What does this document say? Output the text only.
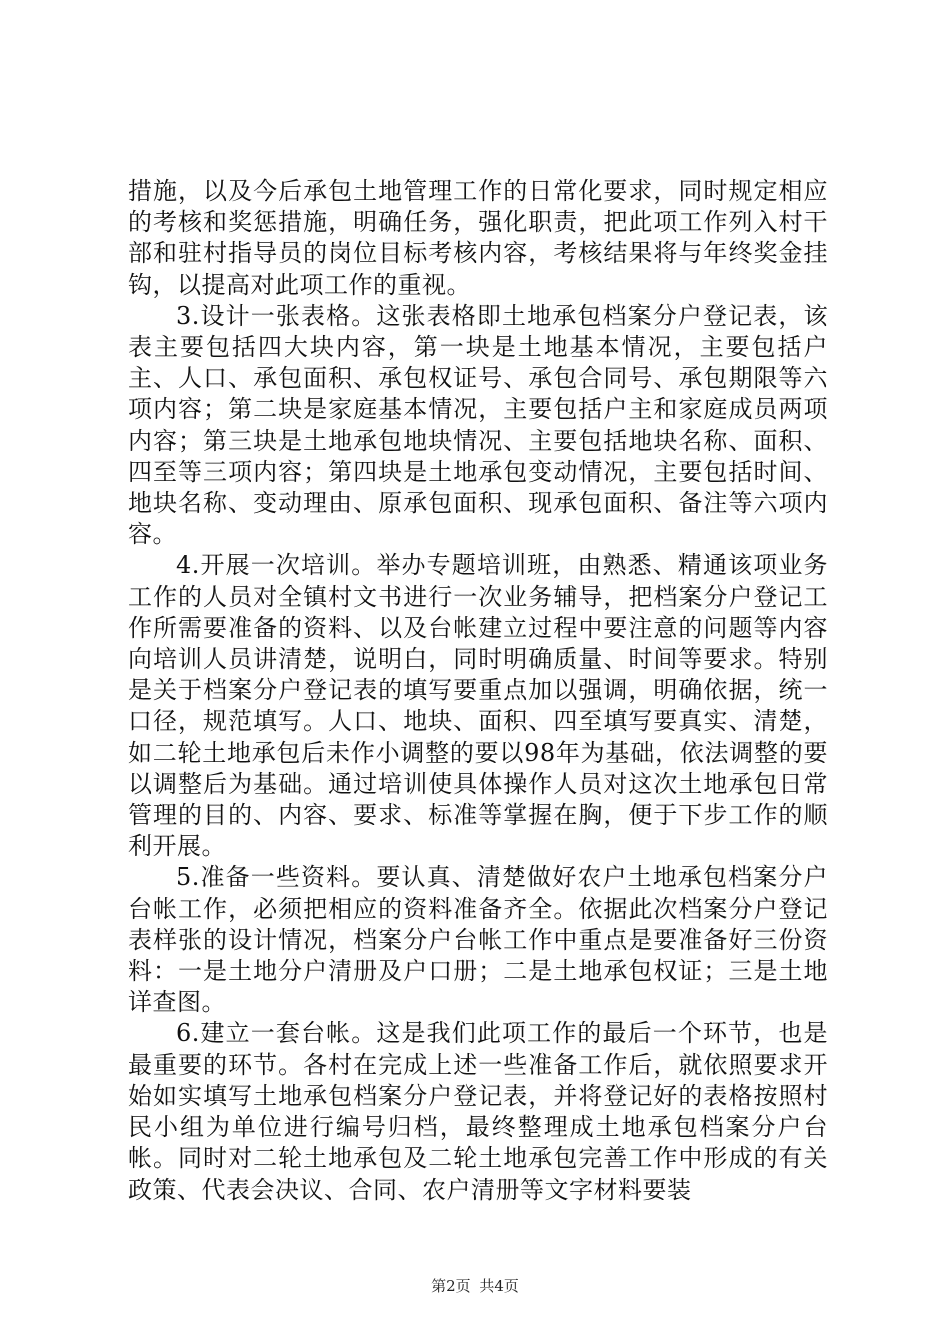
措施，以及今后承包土地管理工作的日常化要求，同时规定相应的考核和奖惩措施，明确任务，强化职责，把此项工作列入村干部和驻村指导员的岗位目标考核内容，考核结果将与年终奖金挂钩，以提高对此项工作的重视。

3.设计一张表格。这张表格即土地承包档案分户登记表，该表主要包括四大块内容，第一块是土地基本情况，主要包括户主、人口、承包面积、承包权证号、承包合同号、承包期限等六项内容；第二块是家庭基本情况，主要包括户主和家庭成员两项内容；第三块是土地承包地块情况、主要包括地块名称、面积、四至等三项内容；第四块是土地承包变动情况，主要包括时间、地块名称、变动理由、原承包面积、现承包面积、备注等六项内容。

4.开展一次培训。举办专题培训班，由熟悉、精通该项业务工作的人员对全镇村文书进行一次业务辅导，把档案分户登记工作所需要准备的资料、以及台帐建立过程中要注意的问题等内容向培训人员讲清楚，说明白，同时明确质量、时间等要求。特别是关于档案分户登记表的填写要重点加以强调，明确依据，统一口径，规范填写。人口、地块、面积、四至填写要真实、清楚，如二轮土地承包后未作小调整的要以98年为基础，依法调整的要以调整后为基础。通过培训使具体操作人员对这次土地承包日常管理的目的、内容、要求、标准等掌握在胸，便于下步工作的顺利开展。

5.准备一些资料。要认真、清楚做好农户土地承包档案分户台帐工作，必须把相应的资料准备齐全。依据此次档案分户登记表样张的设计情况，档案分户台帐工作中重点是要准备好三份资料：一是土地分户清册及户口册；二是土地承包权证；三是土地详查图。

6.建立一套台帐。这是我们此项工作的最后一个环节，也是最重要的环节。各村在完成上述一些准备工作后，就依照要求开始如实填写土地承包档案分户登记表，并将登记好的表格按照村民小组为单位进行编号归档，最终整理成土地承包档案分户台帐。同时对二轮土地承包及二轮土地承包完善工作中形成的有关政策、代表会决议、合同、农户清册等文字材料要装

第2页 共4页
